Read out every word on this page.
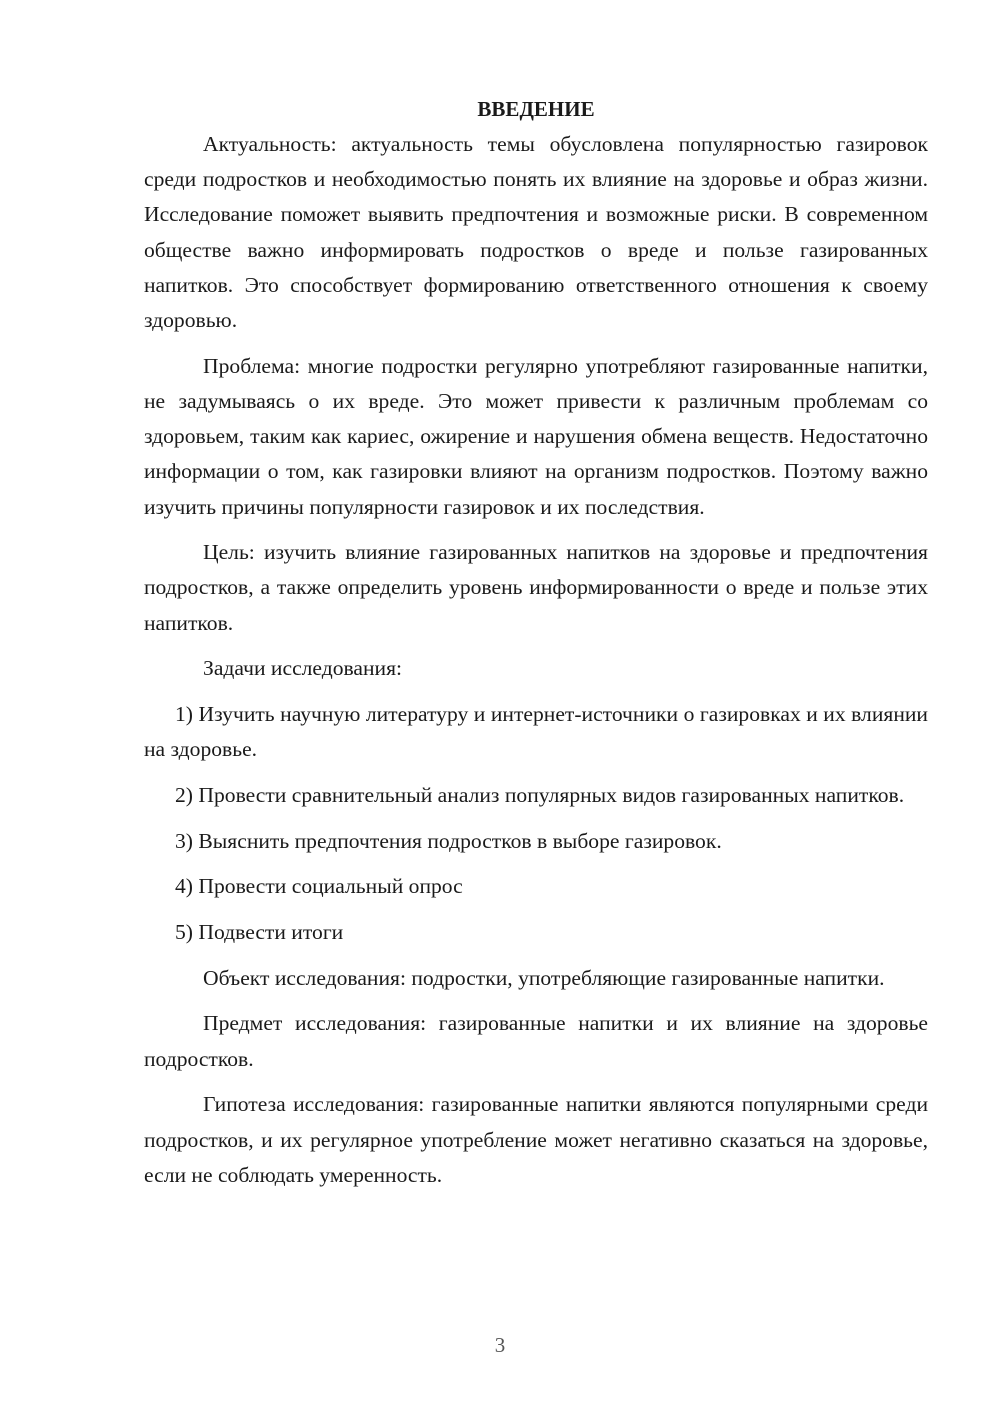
ВВЕДЕНИЕ

Актуальность: актуальность темы обусловлена популярностью газировок среди подростков и необходимостью понять их влияние на здоровье и образ жизни. Исследование поможет выявить предпочтения и возможные риски. В современном обществе важно информировать подростков о вреде и пользе газированных напитков. Это способствует формированию ответственного отношения к своему здоровью.

Проблема: многие подростки регулярно употребляют газированные напитки, не задумываясь о их вреде. Это может привести к различным проблемам со здоровьем, таким как кариес, ожирение и нарушения обмена веществ. Недостаточно информации о том, как газировки влияют на организм подростков. Поэтому важно изучить причины популярности газировок и их последствия.

Цель: изучить влияние газированных напитков на здоровье и предпочтения подростков, а также определить уровень информированности о вреде и пользе этих напитков.

Задачи исследования:

1) Изучить научную литературу и интернет-источники о газировках и их влиянии на здоровье.

2) Провести сравнительный анализ популярных видов газированных напитков.

3) Выяснить предпочтения подростков в выборе газировок.

4) Провести социальный опрос

5) Подвести итоги

Объект исследования: подростки, употребляющие газированные напитки.

Предмет исследования: газированные напитки и их влияние на здоровье подростков.

Гипотеза исследования: газированные напитки являются популярными среди подростков, и их регулярное употребление может негативно сказаться на здоровье, если не соблюдать умеренность.

3
